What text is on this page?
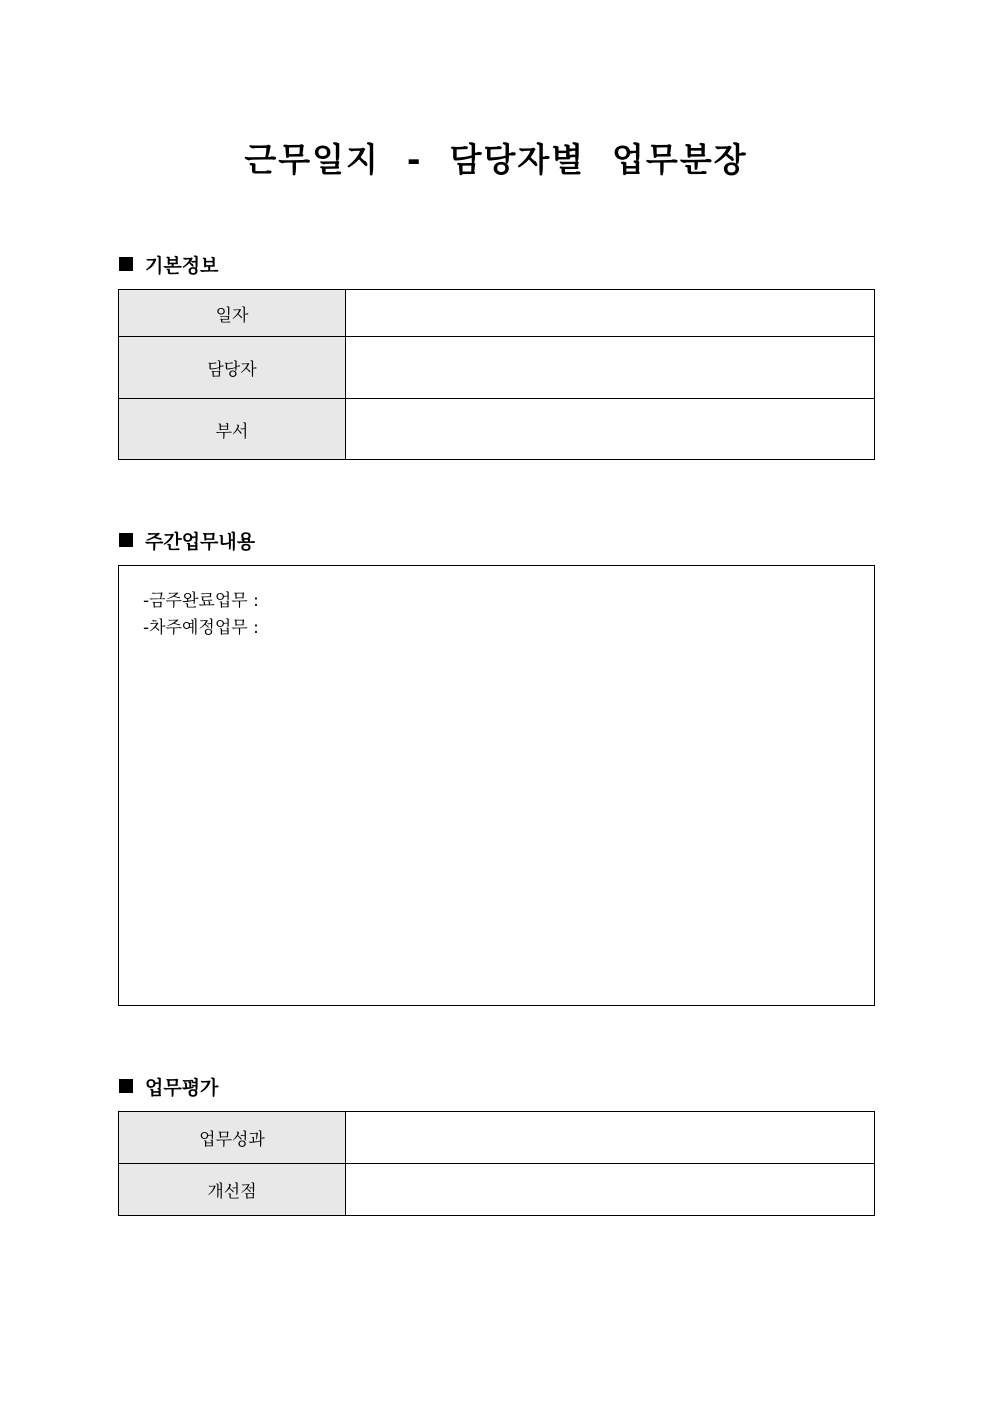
근무일지  -  담당자별  업무분장
기본정보
일자	
담당자	
부서	
주간업무내용
-금주완료업무 :
-차주예정업무 :
업무평가
업무성과	
개선점	
